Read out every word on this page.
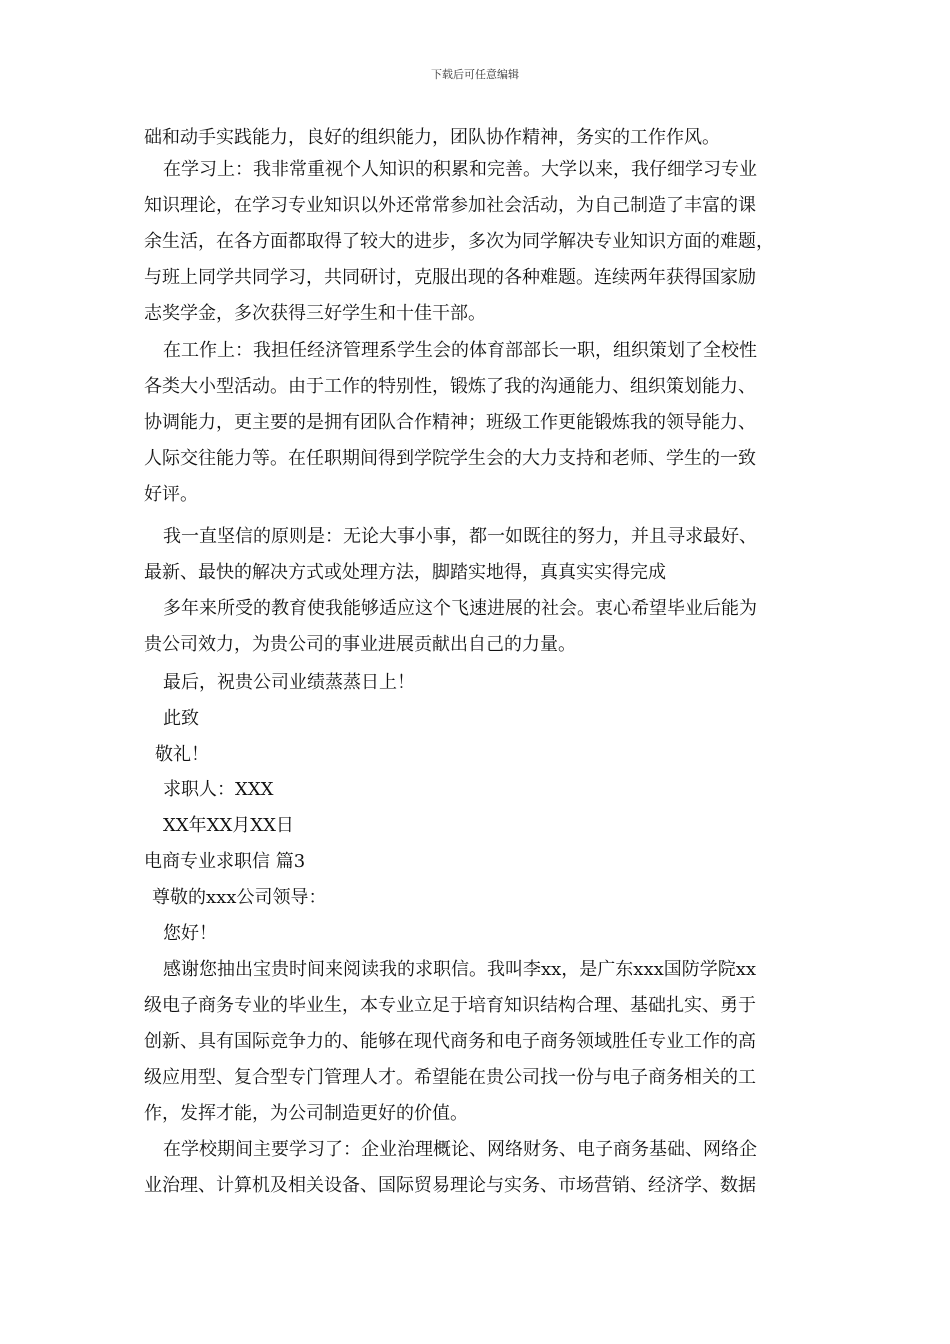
下载后可任意编辑
础和动手实践能力，良好的组织能力，团队协作精神，务实的工作作风。
在学习上：我非常重视个人知识的积累和完善。大学以来，我仔细学习专业
知识理论，在学习专业知识以外还常常参加社会活动，为自己制造了丰富的课
余生活，在各方面都取得了较大的进步，多次为同学解决专业知识方面的难题，
与班上同学共同学习，共同研讨，克服出现的各种难题。连续两年获得国家励
志奖学金，多次获得三好学生和十佳干部。
在工作上：我担任经济管理系学生会的体育部部长一职，组织策划了全校性
各类大小型活动。由于工作的特别性，锻炼了我的沟通能力、组织策划能力、
协调能力，更主要的是拥有团队合作精神；班级工作更能锻炼我的领导能力、
人际交往能力等。在任职期间得到学院学生会的大力支持和老师、学生的一致
好评。
我一直坚信的原则是：无论大事小事，都一如既往的努力，并且寻求最好、
最新、最快的解决方式或处理方法，脚踏实地得，真真实实得完成
多年来所受的教育使我能够适应这个飞速进展的社会。衷心希望毕业后能为
贵公司效力，为贵公司的事业进展贡献出自己的力量。
最后，祝贵公司业绩蒸蒸日上！
此致
敬礼！
求职人：XXX
XX年XX月XX日
电商专业求职信 篇3
尊敬的xxx公司领导：
您好！
感谢您抽出宝贵时间来阅读我的求职信。我叫李xx，是广东xxx国防学院xx
级电子商务专业的毕业生，本专业立足于培育知识结构合理、基础扎实、勇于
创新、具有国际竞争力的、能够在现代商务和电子商务领域胜任专业工作的高
级应用型、复合型专门管理人才。希望能在贵公司找一份与电子商务相关的工
作，发挥才能，为公司制造更好的价值。
在学校期间主要学习了：企业治理概论、网络财务、电子商务基础、网络企
业治理、计算机及相关设备、国际贸易理论与实务、市场营销、经济学、数据
